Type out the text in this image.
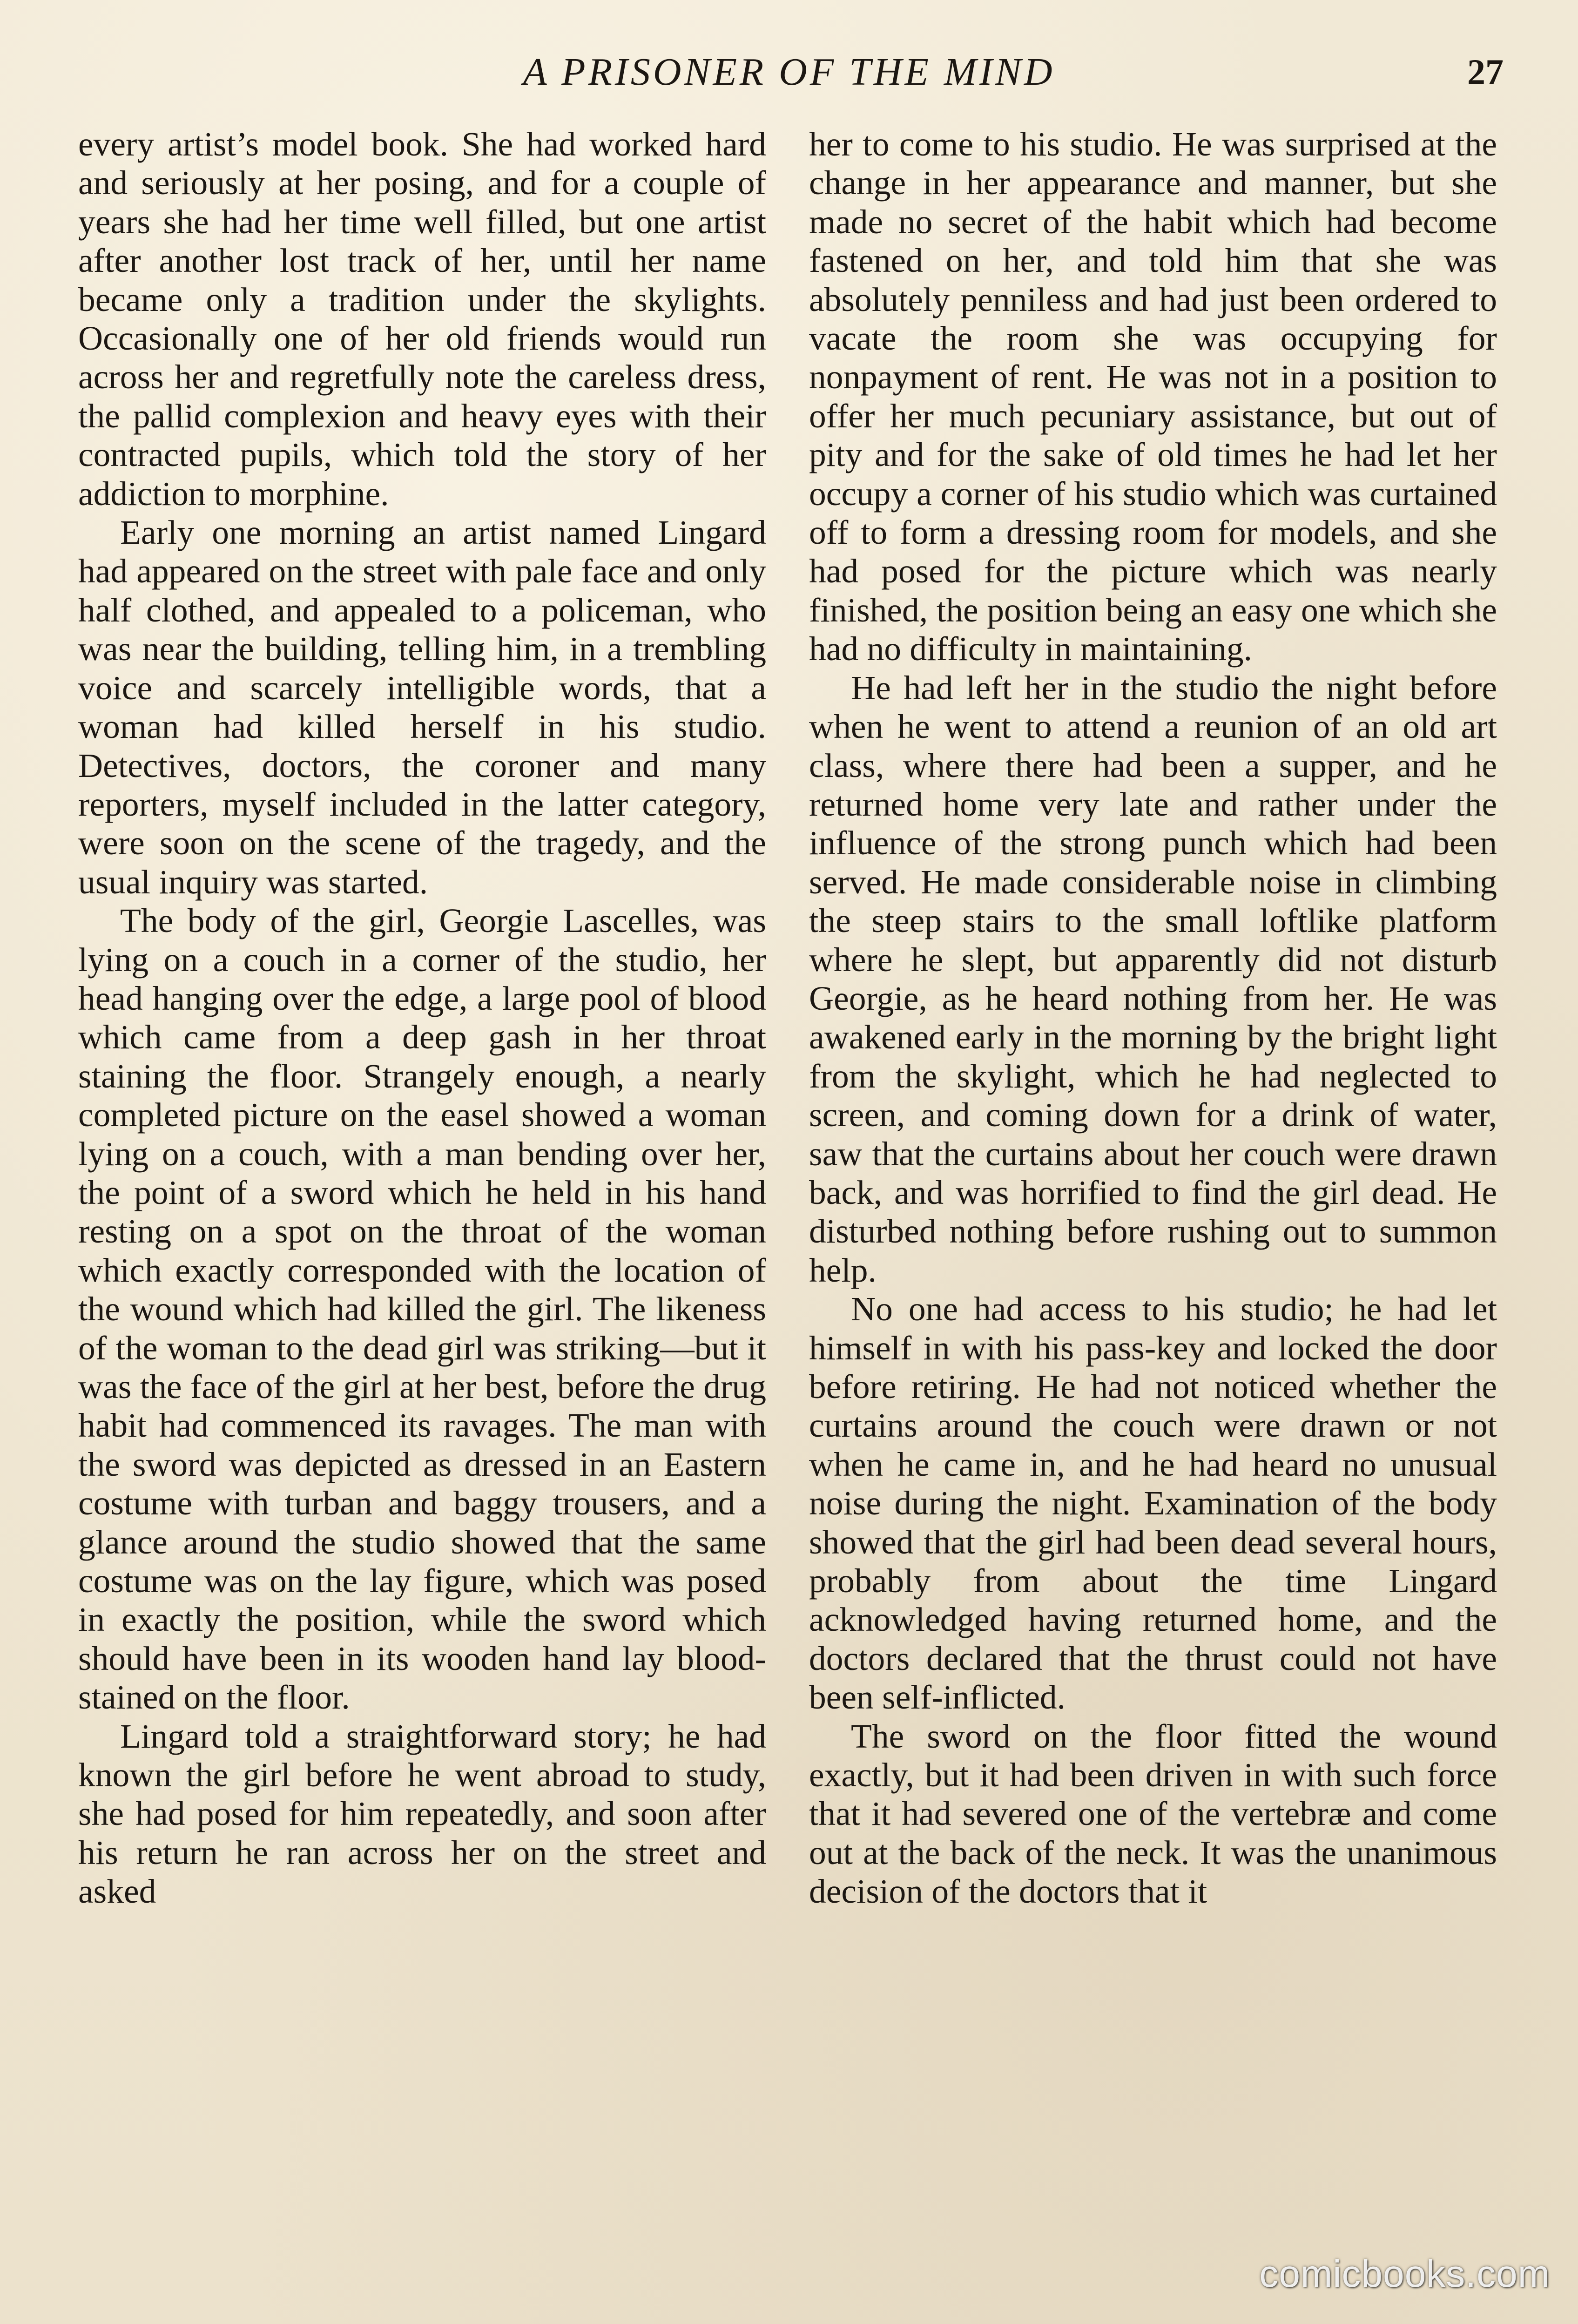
A PRISONER OF THE MIND	27

every artist’s model book. She had worked hard and seriously at her posing, and for a couple of years she had her time well filled, but one artist after another lost track of her, until her name became only a tradition under the skylights. Occasionally one of her old friends would run across her and regretfully note the careless dress, the pallid complexion and heavy eyes with their contracted pupils, which told the story of her addiction to morphine.

Early one morning an artist named Lingard had appeared on the street with pale face and only half clothed, and appealed to a policeman, who was near the building, telling him, in a trembling voice and scarcely intelligible words, that a woman had killed herself in his studio. Detectives, doctors, the coroner and many reporters, myself included in the latter category, were soon on the scene of the tragedy, and the usual inquiry was started.

The body of the girl, Georgie Lascelles, was lying on a couch in a corner of the studio, her head hanging over the edge, a large pool of blood which came from a deep gash in her throat staining the floor. Strangely enough, a nearly completed picture on the easel showed a woman lying on a couch, with a man bending over her, the point of a sword which he held in his hand resting on a spot on the throat of the woman which exactly corresponded with the location of the wound which had killed the girl. The likeness of the woman to the dead girl was striking—but it was the face of the girl at her best, before the drug habit had commenced its ravages. The man with the sword was depicted as dressed in an Eastern costume with turban and baggy trousers, and a glance around the studio showed that the same costume was on the lay figure, which was posed in exactly the position, while the sword which should have been in its wooden hand lay blood-stained on the floor.

Lingard told a straightforward story; he had known the girl before he went abroad to study, she had posed for him repeatedly, and soon after his return he ran across her on the street and asked

her to come to his studio. He was surprised at the change in her appearance and manner, but she made no secret of the habit which had become fastened on her, and told him that she was absolutely penniless and had just been ordered to vacate the room she was occupying for nonpayment of rent. He was not in a position to offer her much pecuniary assistance, but out of pity and for the sake of old times he had let her occupy a corner of his studio which was curtained off to form a dressing room for models, and she had posed for the picture which was nearly finished, the position being an easy one which she had no difficulty in maintaining.

He had left her in the studio the night before when he went to attend a reunion of an old art class, where there had been a supper, and he returned home very late and rather under the influence of the strong punch which had been served. He made considerable noise in climbing the steep stairs to the small loftlike platform where he slept, but apparently did not disturb Georgie, as he heard nothing from her. He was awakened early in the morning by the bright light from the skylight, which he had neglected to screen, and coming down for a drink of water, saw that the curtains about her couch were drawn back, and was horrified to find the girl dead. He disturbed nothing before rushing out to summon help.

No one had access to his studio; he had let himself in with his pass-key and locked the door before retiring. He had not noticed whether the curtains around the couch were drawn or not when he came in, and he had heard no unusual noise during the night. Examination of the body showed that the girl had been dead several hours, probably from about the time Lingard acknowledged having returned home, and the doctors declared that the thrust could not have been self-inflicted.

The sword on the floor fitted the wound exactly, but it had been driven in with such force that it had severed one of the vertebræ and come out at the back of the neck. It was the unanimous decision of the doctors that it

comicbooks.com
